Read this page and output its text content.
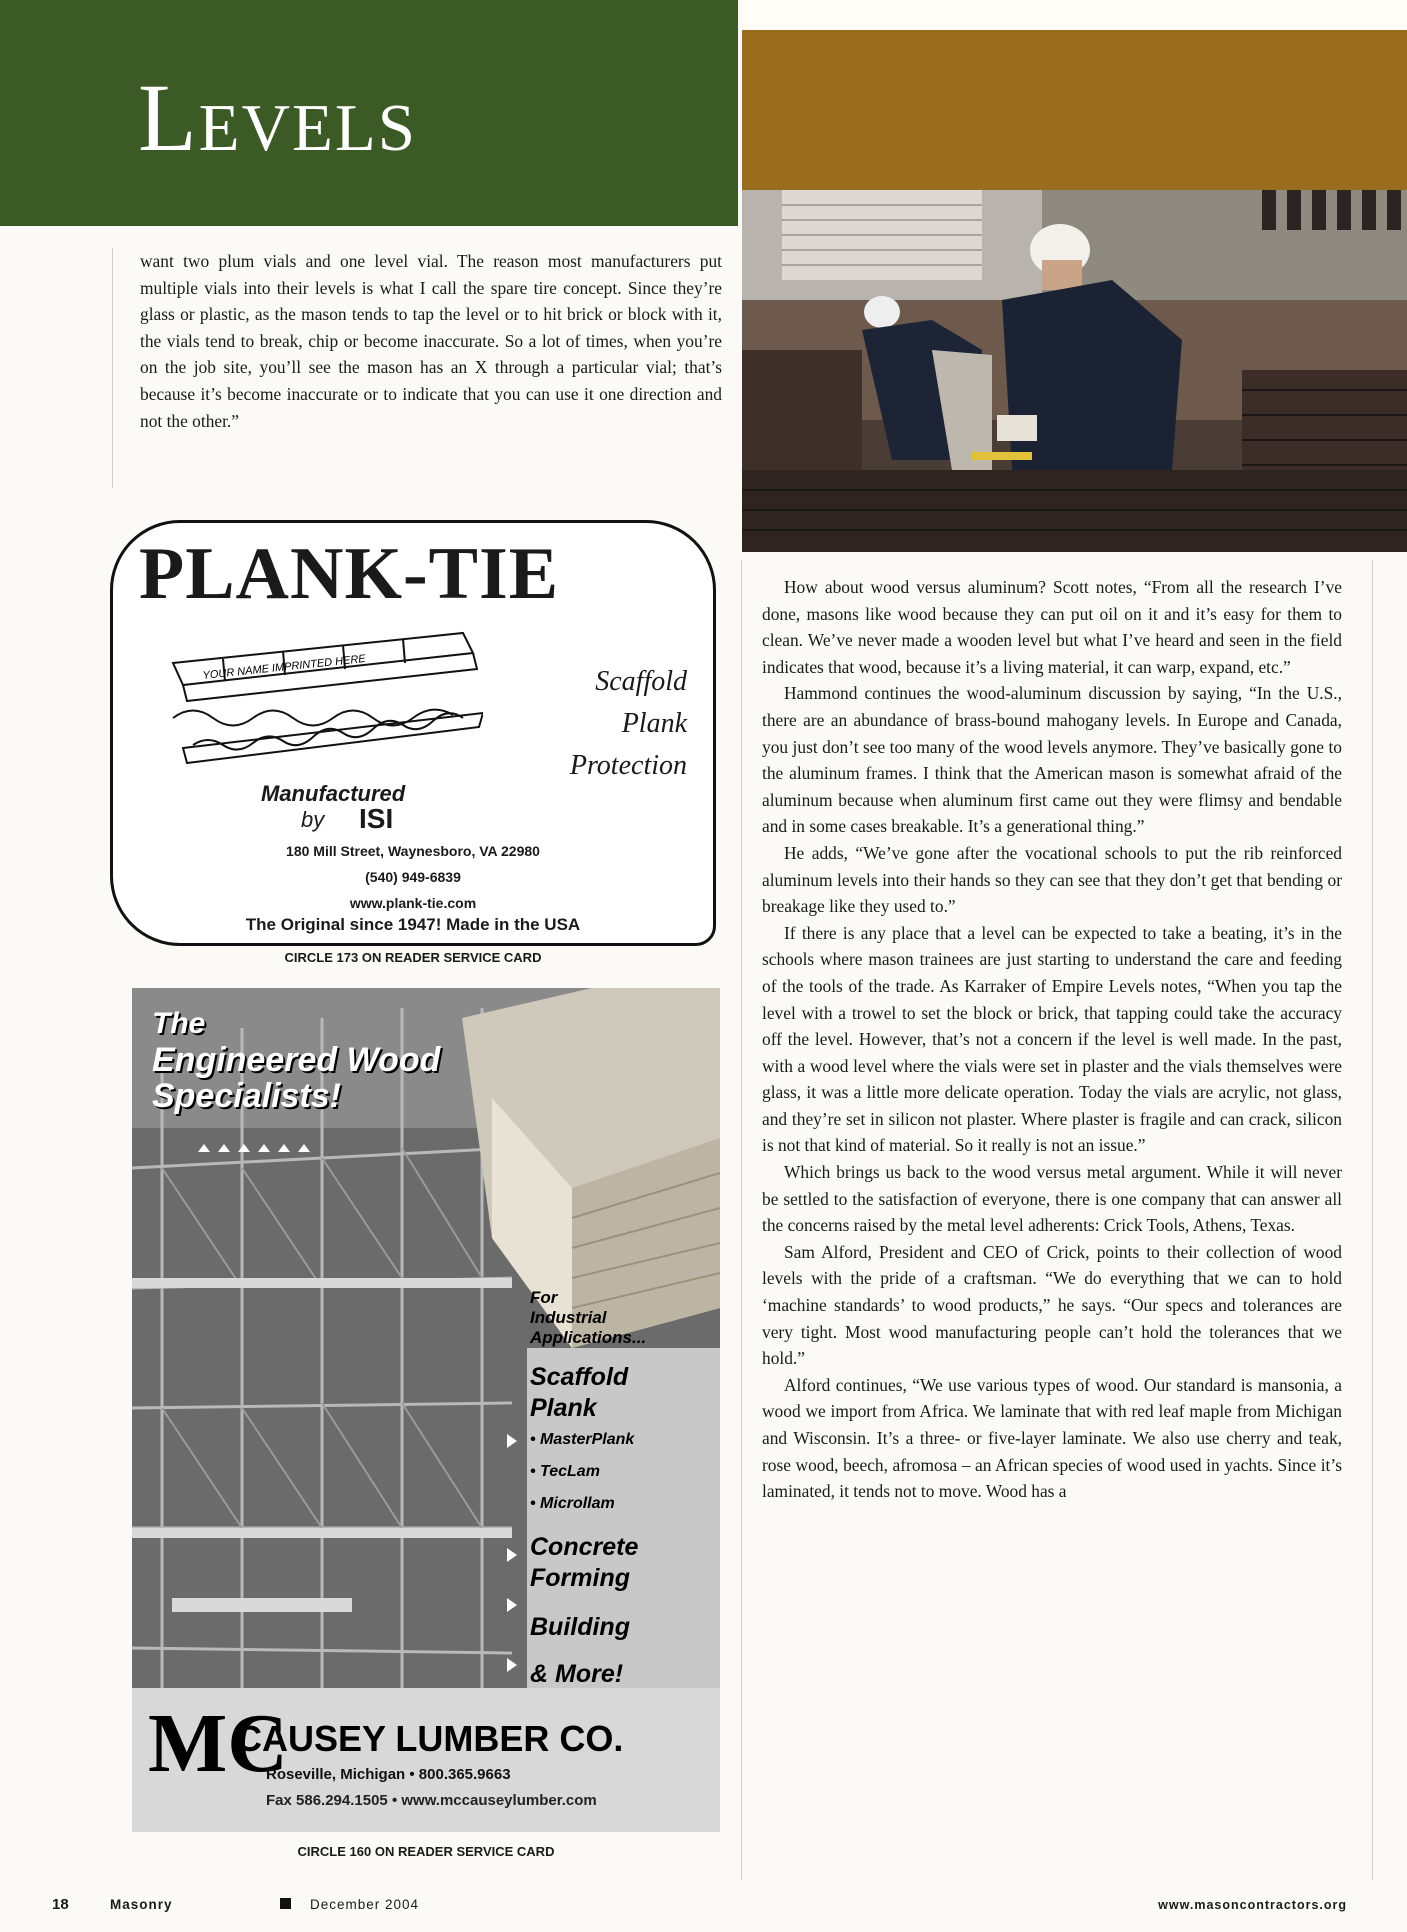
Levels

want two plum vials and one level vial. The reason most manufacturers put multiple vials into their levels is what I call the spare tire concept. Since they’re glass or plastic, as the mason tends to tap the level or to hit brick or block with it, the vials tend to break, chip or become inaccurate. So a lot of times, when you’re on the job site, you’ll see the mason has an X through a particular vial; that’s because it’s become inaccurate or to indicate that you can use it one direction and not the other.”

PLANK-TIE
YOUR NAME IMPRINTED HERE	Scaffold
Plank
Protection
Manufactured
by ISI
180 Mill Street, Waynesboro, VA 22980
(540) 949-6839
www.plank-tie.com
The Original since 1947! Made in the USA
CIRCLE 173 ON READER SERVICE CARD
The
Engineered Wood
Specialists!
For
Industrial
Applications...
Scaffold
Plank
• MasterPlank
• TecLam
• Microllam
Concrete
Forming
Building
& More!
MC
CAUSEY LUMBER CO.
Roseville, Michigan • 800.365.9663
Fax 586.294.1505 • www.mccauseylumber.com
CIRCLE 160 ON READER SERVICE CARD

How about wood versus aluminum? Scott notes, “From all the research I’ve done, masons like wood because they can put oil on it and it’s easy for them to clean. We’ve never made a wooden level but what I’ve heard and seen in the field indicates that wood, because it’s a living material, it can warp, expand, etc.”

Hammond continues the wood-aluminum discussion by saying, “In the U.S., there are an abundance of brass-bound mahogany levels. In Europe and Canada, you just don’t see too many of the wood levels anymore. They’ve basically gone to the aluminum frames. I think that the American mason is somewhat afraid of the aluminum because when aluminum first came out they were flimsy and bendable and in some cases breakable. It’s a generational thing.”

He adds, “We’ve gone after the vocational schools to put the rib reinforced aluminum levels into their hands so they can see that they don’t get that bending or breakage like they used to.”

If there is any place that a level can be expected to take a beating, it’s in the schools where mason trainees are just starting to understand the care and feeding of the tools of the trade. As Karraker of Empire Levels notes, “When you tap the level with a trowel to set the block or brick, that tapping could take the accuracy off the level. However, that’s not a concern if the level is well made. In the past, with a wood level where the vials were set in plaster and the vials themselves were glass, it was a little more delicate operation. Today the vials are acrylic, not glass, and they’re set in silicon not plaster. Where plaster is fragile and can crack, silicon is not that kind of material. So it really is not an issue.”

Which brings us back to the wood versus metal argument. While it will never be settled to the satisfaction of everyone, there is one company that can answer all the concerns raised by the metal level adherents: Crick Tools, Athens, Texas.

Sam Alford, President and CEO of Crick, points to their collection of wood levels with the pride of a craftsman. “We do everything that we can to hold ‘machine standards’ to wood products,” he says. “Our specs and tolerances are very tight. Most wood manufacturing people can’t hold the tolerances that we hold.”

Alford continues, “We use various types of wood. Our standard is mansonia, a wood we import from Africa. We laminate that with red leaf maple from Michigan and Wisconsin. It’s a three- or five-layer laminate. We also use cherry and teak, rose wood, beech, afromosa – an African species of wood used in yachts. Since it’s laminated, it tends not to move. Wood has a

18	Masonry	December 2004	www.masoncontractors.org
